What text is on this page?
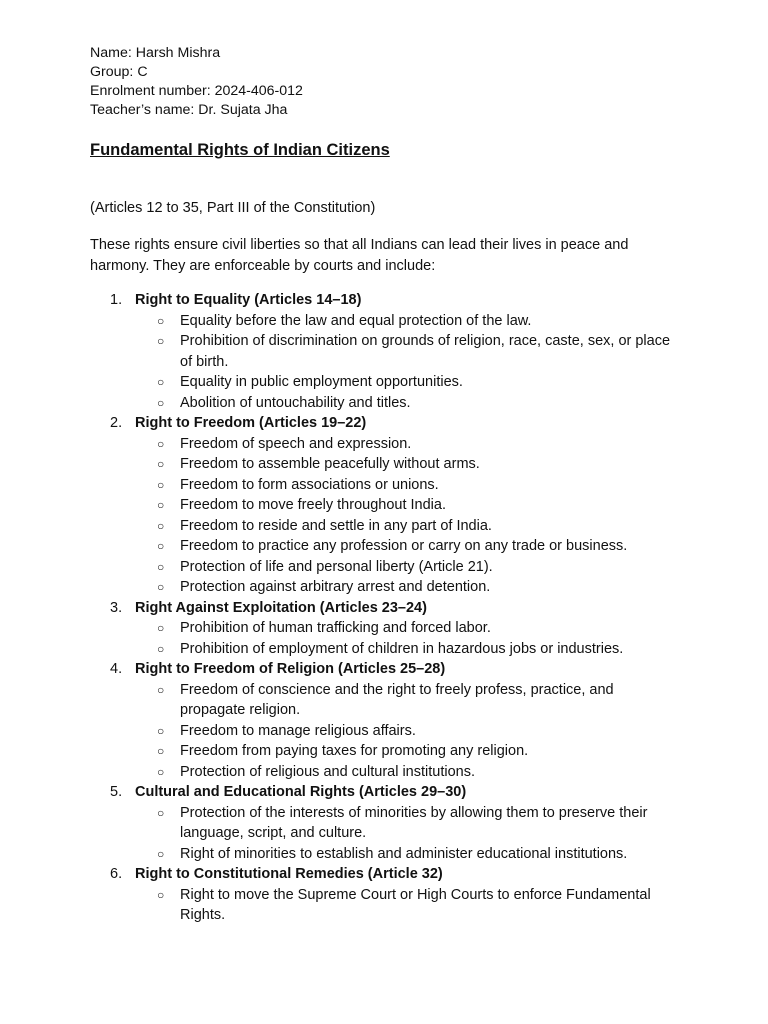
Name: Harsh Mishra

Group: C

Enrolment number: 2024-406-012

Teacher’s name: Dr. Sujata Jha

Fundamental Rights of Indian Citizens

(Articles 12 to 35, Part III of the Constitution)

These rights ensure civil liberties so that all Indians can lead their lives in peace and harmony. They are enforceable by courts and include:

1. Right to Equality (Articles 14–18)
○ Equality before the law and equal protection of the law.
○ Prohibition of discrimination on grounds of religion, race, caste, sex, or place of birth.
○ Equality in public employment opportunities.
○ Abolition of untouchability and titles.
2. Right to Freedom (Articles 19–22)
○ Freedom of speech and expression.
○ Freedom to assemble peacefully without arms.
○ Freedom to form associations or unions.
○ Freedom to move freely throughout India.
○ Freedom to reside and settle in any part of India.
○ Freedom to practice any profession or carry on any trade or business.
○ Protection of life and personal liberty (Article 21).
○ Protection against arbitrary arrest and detention.
3. Right Against Exploitation (Articles 23–24)
○ Prohibition of human trafficking and forced labor.
○ Prohibition of employment of children in hazardous jobs or industries.
4. Right to Freedom of Religion (Articles 25–28)
○ Freedom of conscience and the right to freely profess, practice, and propagate religion.
○ Freedom to manage religious affairs.
○ Freedom from paying taxes for promoting any religion.
○ Protection of religious and cultural institutions.
5. Cultural and Educational Rights (Articles 29–30)
○ Protection of the interests of minorities by allowing them to preserve their language, script, and culture.
○ Right of minorities to establish and administer educational institutions.
6. Right to Constitutional Remedies (Article 32)
○ Right to move the Supreme Court or High Courts to enforce Fundamental Rights.
